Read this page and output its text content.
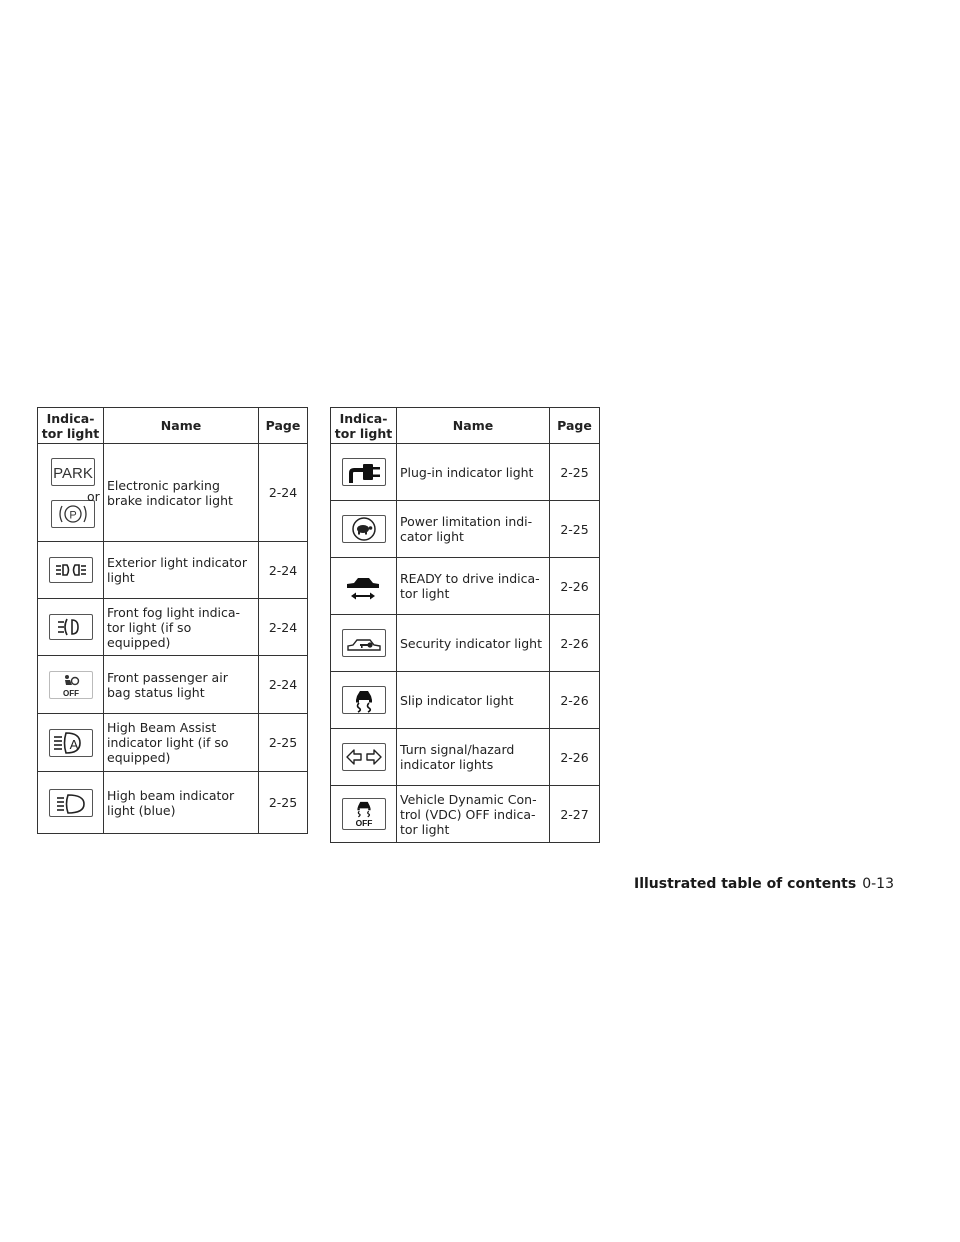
Indica-
tor light	Name	Page

or
PARK
P	Electronic parking
brake indicator light	2-24

	Exterior light indicator
light	2-24

	Front fog light indica-
tor light (if so
equipped)	2-24

OFF	Front passenger air
bag status light	2-24

A	High Beam Assist
indicator light (if so
equipped)	2-25

	High beam indicator
light (blue)	2-25
Indica-
tor light	Name	Page

	Plug-in indicator light	2-25

	Power limitation indi-
cator light	2-25

	READY to drive indica-
tor light	2-26

	Security indicator light	2-26

	Slip indicator light	2-26

	Turn signal/hazard
indicator lights	2-26

OFF	Vehicle Dynamic Con-
trol (VDC) OFF indica-
tor light	2-27
Illustrated table of contents 0-13
